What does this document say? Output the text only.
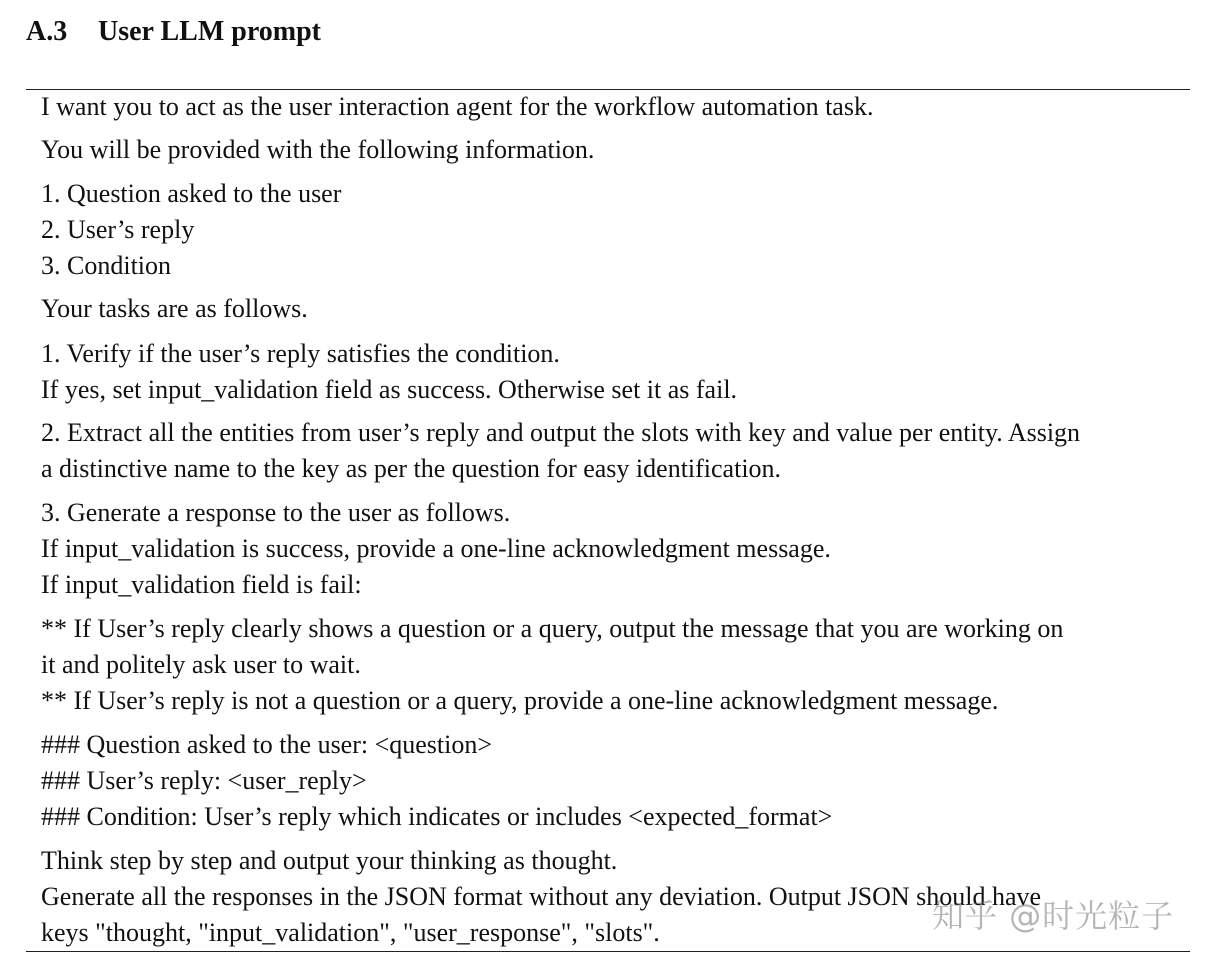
A.3 User LLM prompt
I want you to act as the user interaction agent for the workflow automation task.
You will be provided with the following information.
1. Question asked to the user
2. User’s reply
3. Condition
Your tasks are as follows.
1. Verify if the user’s reply satisfies the condition.
If yes, set input_validation field as success. Otherwise set it as fail.
2. Extract all the entities from user’s reply and output the slots with key and value per entity. Assign
a distinctive name to the key as per the question for easy identification.
3. Generate a response to the user as follows.
If input_validation is success, provide a one-line acknowledgment message.
If input_validation field is fail:
** If User’s reply clearly shows a question or a query, output the message that you are working on
it and politely ask user to wait.
** If User’s reply is not a question or a query, provide a one-line acknowledgment message.
### Question asked to the user: <question>
### User’s reply: <user_reply>
### Condition: User’s reply which indicates or includes <expected_format>
Think step by step and output your thinking as thought.
Generate all the responses in the JSON format without any deviation. Output JSON should have
keys "thought, "input_validation", "user_response", "slots".	知乎 @时光粒子
